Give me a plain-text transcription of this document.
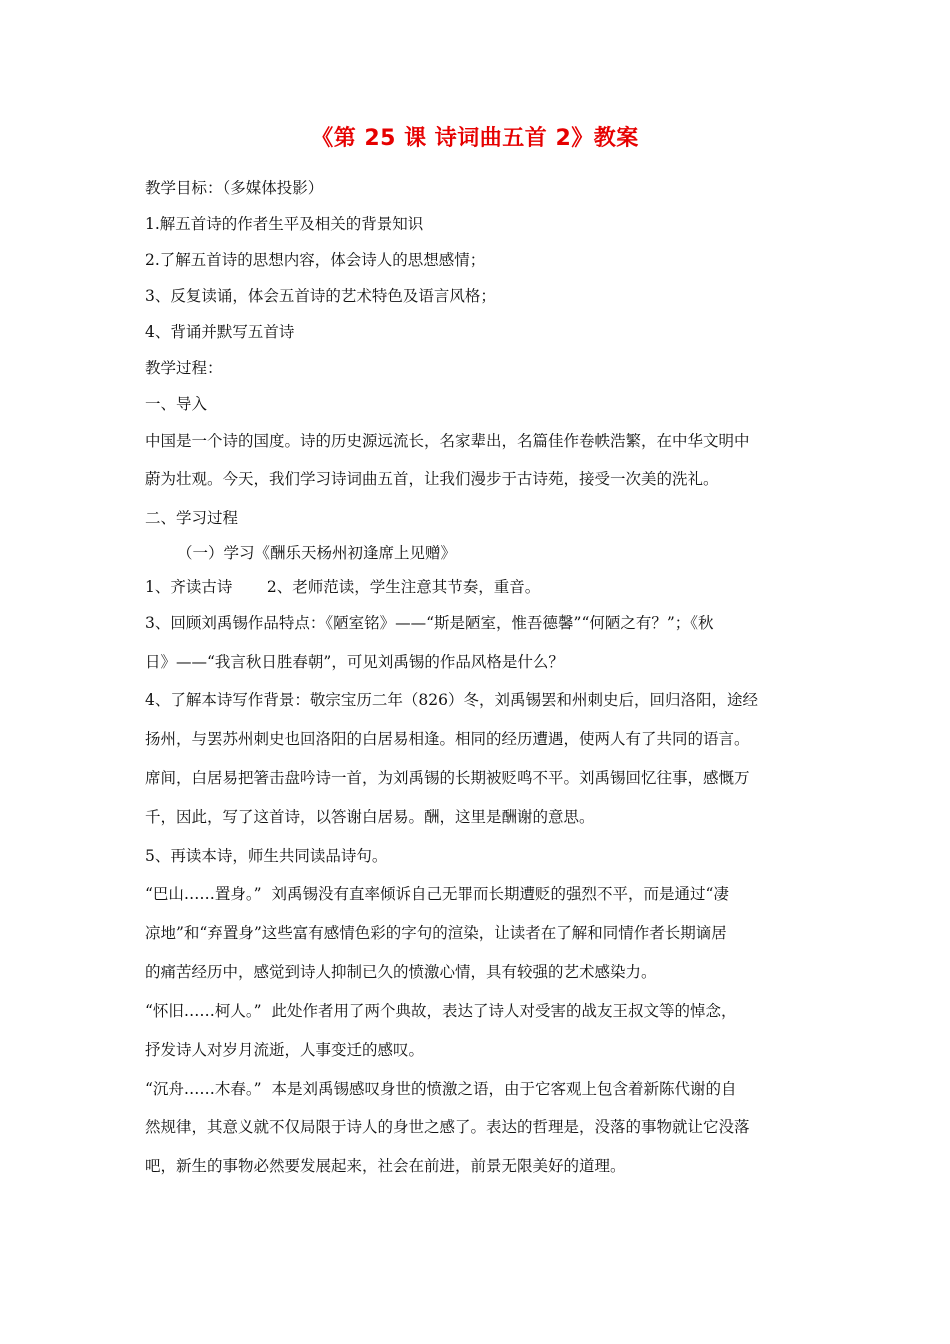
《第 25 课 诗词曲五首 2》教案
教学目标：（多媒体投影）
1.解五首诗的作者生平及相关的背景知识
2.了解五首诗的思想内容，体会诗人的思想感情；
3、反复读诵，体会五首诗的艺术特色及语言风格；
4、背诵并默写五首诗
教学过程：
一、导入
中国是一个诗的国度。诗的历史源远流长，名家辈出，名篇佳作卷帙浩繁，在中华文明中
蔚为壮观。今天，我们学习诗词曲五首，让我们漫步于古诗苑，接受一次美的洗礼。
二、学习过程
（一）学习《酬乐天杨州初逢席上见赠》
1、齐读古诗       2、老师范读，学生注意其节奏，重音。
3、回顾刘禹锡作品特点：《陋室铭》——“斯是陋室，惟吾德馨”“何陋之有？”；《秋
日》——“我言秋日胜春朝”，可见刘禹锡的作品风格是什么？
4、了解本诗写作背景：敬宗宝历二年（826）冬，刘禹锡罢和州刺史后，回归洛阳，途经
扬州，与罢苏州刺史也回洛阳的白居易相逢。相同的经历遭遇，使两人有了共同的语言。
席间，白居易把箸击盘吟诗一首，为刘禹锡的长期被贬鸣不平。刘禹锡回忆往事，感慨万
千，因此，写了这首诗，以答谢白居易。酬，这里是酬谢的意思。
5、再读本诗，师生共同读品诗句。
“巴山……置身。”  刘禹锡没有直率倾诉自己无罪而长期遭贬的强烈不平，而是通过“凄
凉地”和“弃置身”这些富有感情色彩的字句的渲染，让读者在了解和同情作者长期谪居
的痛苦经历中，感觉到诗人抑制已久的愤激心情，具有较强的艺术感染力。
“怀旧……柯人。”  此处作者用了两个典故，表达了诗人对受害的战友王叔文等的悼念，
抒发诗人对岁月流逝，人事变迁的感叹。
“沉舟……木春。”  本是刘禹锡感叹身世的愤激之语，由于它客观上包含着新陈代谢的自
然规律，其意义就不仅局限于诗人的身世之感了。表达的哲理是，没落的事物就让它没落
吧，新生的事物必然要发展起来，社会在前进，前景无限美好的道理。
